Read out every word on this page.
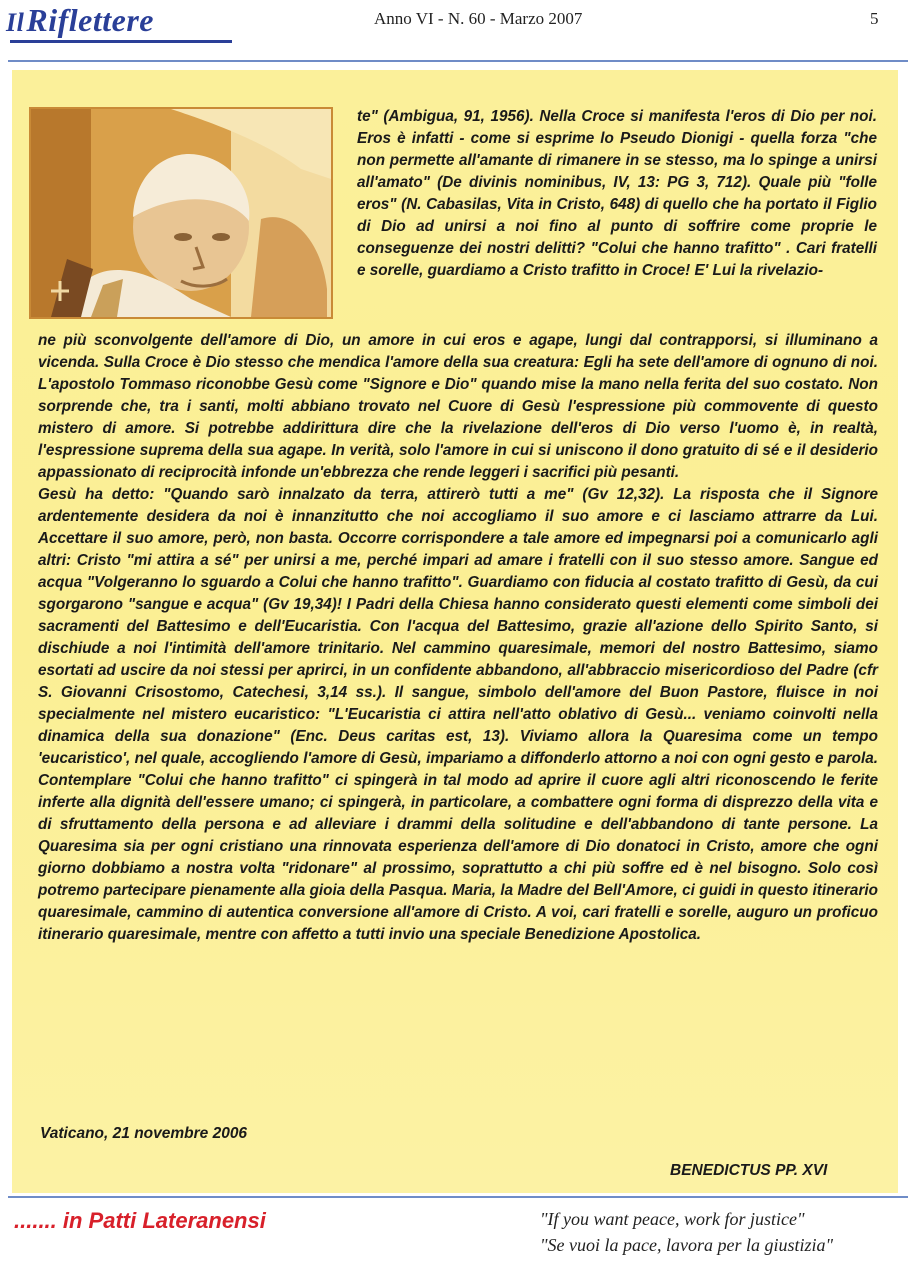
IlRiflettere	Anno VI - N. 60 - Marzo 2007	5

te" (Ambigua, 91, 1956). Nella Croce si manifesta l'eros di Dio per noi. Eros è infatti - come si esprime lo Pseudo Dionigi - quella forza "che non permette all'amante di rimanere in se stesso, ma lo spinge a unirsi all'amato" (De divinis nominibus, IV, 13: PG 3, 712). Quale più "folle eros" (N. Cabasilas, Vita in Cristo, 648) di quello che ha portato il Figlio di Dio ad unirsi a noi fino al punto di soffrire come proprie le conseguenze dei nostri delitti? "Colui che hanno trafitto" . Cari fratelli e sorelle, guardiamo a Cristo trafitto in Croce! E' Lui la rivelazio-

ne più sconvolgente dell'amore di Dio, un amore in cui eros e agape, lungi dal contrapporsi, si illuminano a vicenda. Sulla Croce è Dio stesso che mendica l'amore della sua creatura: Egli ha sete dell'amore di ognuno di noi. L'apostolo Tommaso riconobbe Gesù come "Signore e Dio" quando mise la mano nella ferita del suo costato. Non sorprende che, tra i santi, molti abbiano trovato nel Cuore di Gesù l'espressione più commovente di questo mistero di amore. Si potrebbe addirittura dire che la rivelazione dell'eros di Dio verso l'uomo è, in realtà, l'espressione suprema della sua agape. In verità, solo l'amore in cui si uniscono il dono gratuito di sé e il desiderio appassionato di reciprocità infonde un'ebbrezza che rende leggeri i sacrifici più pesanti.

Gesù ha detto: "Quando sarò innalzato da terra, attirerò tutti a me" (Gv 12,32). La risposta che il Signore ardentemente desidera da noi è innanzitutto che noi accogliamo il suo amore e ci lasciamo attrarre da Lui. Accettare il suo amore, però, non basta. Occorre corrispondere a tale amore ed impegnarsi poi a comunicarlo agli altri: Cristo "mi attira a sé" per unirsi a me, perché impari ad amare i fratelli con il suo stesso amore. Sangue ed acqua "Volgeranno lo sguardo a Colui che hanno trafitto". Guardiamo con fiducia al costato trafitto di Gesù, da cui sgorgarono "sangue e acqua" (Gv 19,34)! I Padri della Chiesa hanno considerato questi elementi come simboli dei sacramenti del Battesimo e dell'Eucaristia. Con l'acqua del Battesimo, grazie all'azione dello Spirito Santo, si dischiude a noi l'intimità dell'amore trinitario. Nel cammino quaresimale, memori del nostro Battesimo, siamo esortati ad uscire da noi stessi per aprirci, in un confidente abbandono, all'abbraccio misericordioso del Padre (cfr S. Giovanni Crisostomo, Catechesi, 3,14 ss.). Il sangue, simbolo dell'amore del Buon Pastore, fluisce in noi specialmente nel mistero eucaristico: "L'Eucaristia ci attira nell'atto oblativo di Gesù... veniamo coinvolti nella dinamica della sua donazione" (Enc. Deus caritas est, 13). Viviamo allora la Quaresima come un tempo 'eucaristico', nel quale, accogliendo l'amore di Gesù, impariamo a diffonderlo attorno a noi con ogni gesto e parola. Contemplare "Colui che hanno trafitto" ci spingerà in tal modo ad aprire il cuore agli altri riconoscendo le ferite inferte alla dignità dell'essere umano; ci spingerà, in particolare, a combattere ogni forma di disprezzo della vita e di sfruttamento della persona e ad alleviare i drammi della solitudine e dell'abbandono di tante persone. La Quaresima sia per ogni cristiano una rinnovata esperienza dell'amore di Dio donatoci in Cristo, amore che ogni giorno dobbiamo a nostra volta "ridonare" al prossimo, soprattutto a chi più soffre ed è nel bisogno. Solo così potremo partecipare pienamente alla gioia della Pasqua. Maria, la Madre del Bell'Amore, ci guidi in questo itinerario quaresimale, cammino di autentica conversione all'amore di Cristo. A voi, cari fratelli e sorelle, auguro un proficuo itinerario quaresimale, mentre con affetto a tutti invio una speciale Benedizione Apostolica.

Vaticano, 21 novembre 2006
BENEDICTUS PP. XVI
....... in Patti Lateranensi	"If you want peace, work for justice"
"Se vuoi la pace, lavora per la giustizia"
